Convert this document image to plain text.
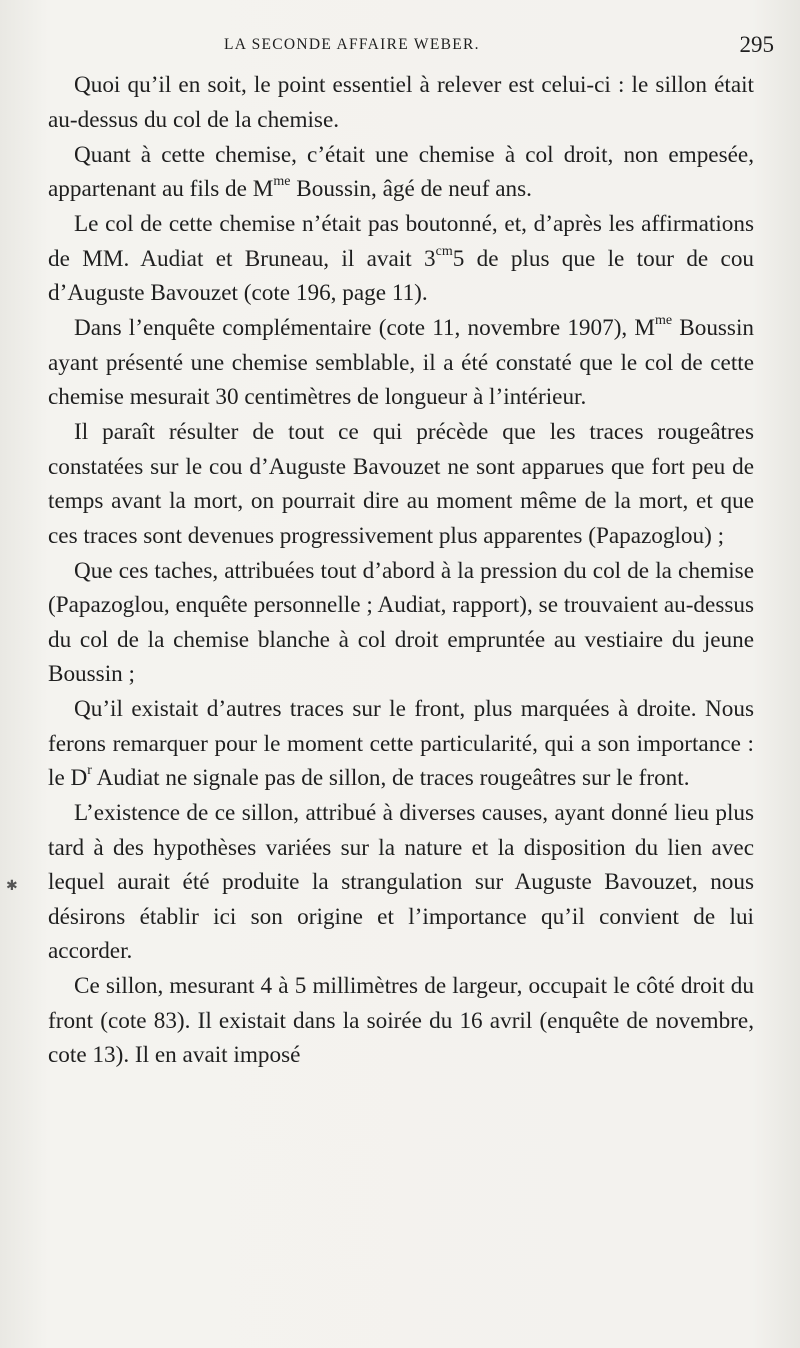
LA SECONDE AFFAIRE WEBER.	295

Quoi qu’il en soit, le point essentiel à relever est celui-ci : le sillon était au-dessus du col de la chemise.

Quant à cette chemise, c’était une chemise à col droit, non empesée, appartenant au fils de $M^{me}$ Boussin, âgé de neuf ans.

Le col de cette chemise n’était pas boutonné, et, d’après les affirmations de MM. Audiat et Bruneau, il avait $3^{cm}5$ de plus que le tour de cou d’Auguste Bavouzet (cote 196, page 11).

Dans l’enquête complémentaire (cote 11, novembre 1907), $M^{me}$ Boussin ayant présenté une chemise semblable, il a été constaté que le col de cette chemise mesurait 30 centimètres de longueur à l’intérieur.

Il paraît résulter de tout ce qui précède que les traces rougeâtres constatées sur le cou d’Auguste Bavouzet ne sont apparues que fort peu de temps avant la mort, on pourrait dire au moment même de la mort, et que ces traces sont devenues progressivement plus apparentes (Papazoglou) ;

Que ces taches, attribuées tout d’abord à la pression du col de la chemise (Papazoglou, enquête personnelle ; Audiat, rapport), se trouvaient au-dessus du col de la chemise blanche à col droit empruntée au vestiaire du jeune Boussin ;

Qu’il existait d’autres traces sur le front, plus marquées à droite. Nous ferons remarquer pour le moment cette particularité, qui a son importance : le $D^r$ Audiat ne signale pas de sillon, de traces rougeâtres sur le front.

L’existence de ce sillon, attribué à diverses causes, ayant donné lieu plus tard à des hypothèses variées sur la nature et la disposition du lien avec lequel aurait été produite la strangulation sur Auguste Bavouzet, nous désirons établir ici son origine et l’importance qu’il convient de lui accorder.

Ce sillon, mesurant 4 à 5 millimètres de largeur, occupait le côté droit du front (cote 83). Il existait dans la soirée du 16 avril (enquête de novembre, cote 13). Il en avait imposé

✱
